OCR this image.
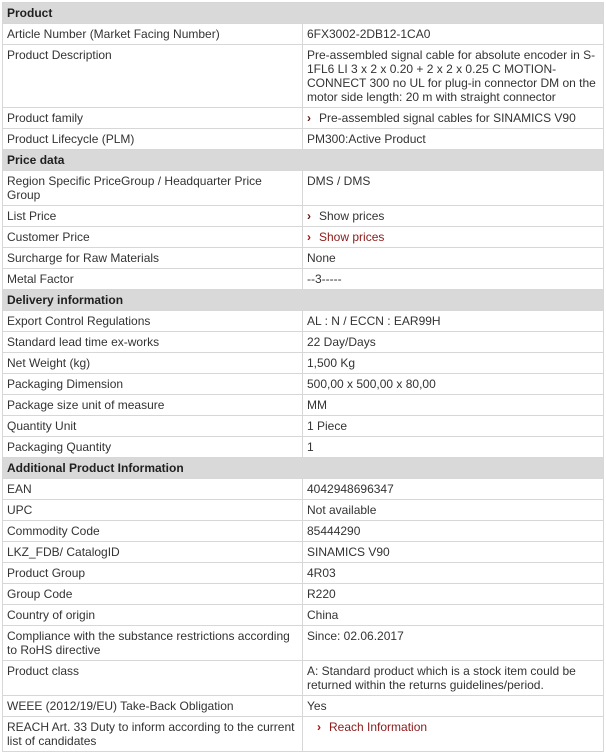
Product	
Article Number (Market Facing Number)	6FX3002-2DB12-1CA0
Product Description	Pre-assembled signal cable for absolute encoder in S-1FL6 LI 3 x 2 x 0.20 + 2 x 2 x 0.25 C MOTION-CONNECT 300 no UL for plug-in connector DM on the motor side length: 20 m with straight connector
Product family	› Pre-assembled signal cables for SINAMICS V90
Product Lifecycle (PLM)	PM300:Active Product
Price data	
Region Specific PriceGroup / Headquarter Price Group	DMS / DMS
List Price	› Show prices
Customer Price	› Show prices
Surcharge for Raw Materials	None
Metal Factor	--3-----
Delivery information	
Export Control Regulations	AL : N / ECCN : EAR99H
Standard lead time ex-works	22 Day/Days
Net Weight (kg)	1,500 Kg
Packaging Dimension	500,00 x 500,00 x 80,00
Package size unit of measure	MM
Quantity Unit	1 Piece
Packaging Quantity	1
Additional Product Information	
EAN	4042948696347
UPC	Not available
Commodity Code	85444290
LKZ_FDB/ CatalogID	SINAMICS V90
Product Group	4R03
Group Code	R220
Country of origin	China
Compliance with the substance restrictions according to RoHS directive	Since: 02.06.2017
Product class	A: Standard product which is a stock item could be returned within the returns guidelines/period.
WEEE (2012/19/EU) Take-Back Obligation	Yes
REACH Art. 33 Duty to inform according to the current list of candidates	› Reach Information
